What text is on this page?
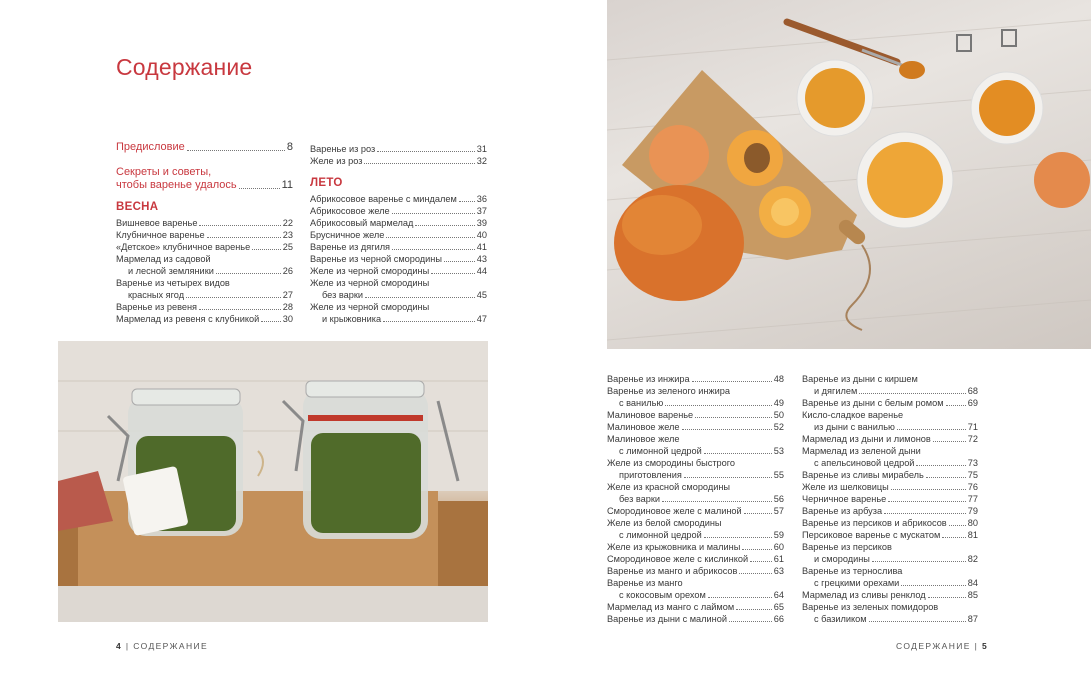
Содержание
Предисловие	8
Секреты и советы,
чтобы варенье удалось	11
ВЕСНА
Вишневое варенье	22
Клубничное варенье	23
«Детское» клубничное варенье	25
Мармелад из садовой
и лесной земляники	26
Варенье из четырех видов
красных ягод	27
Варенье из ревеня	28
Мармелад из ревеня с клубникой	30
Варенье из роз	31
Желе из роз	32
ЛЕТО
Абрикосовое варенье с миндалем 36
Абрикосовое желе	37
Абрикосовый мармелад	39
Брусничное желе	40
Варенье из дягиля	41
Варенье из черной смородины	43
Желе из черной смородины	44
Желе из черной смородины
без варки	45
Желе из черной смородины
и крыжовника	47
Варенье из инжира	48
Варенье из зеленого инжира
с ванилью	49
Малиновое варенье	50
Малиновое желе	52
Малиновое желе
с лимонной цедрой	53
Желе из смородины быстрого
приготовления	55
Желе из красной смородины
без варки	56
Смородиновое желе с малиной	57
Желе из белой смородины
с лимонной цедрой	59
Желе из крыжовника и малины	60
Смородиновое желе с кислинкой	61
Варенье из манго и абрикосов	63
Варенье из манго
с кокосовым орехом	64
Мармелад из манго с лаймом	65
Варенье из дыни с малиной	66
Варенье из дыни с киршем
и дягилем	68
Варенье из дыни с белым ромом	69
Кисло-сладкое варенье
из дыни с ванилью	71
Мармелад из дыни и лимонов	72
Мармелад из зеленой дыни
с апельсиновой цедрой	73
Варенье из сливы мирабель	75
Желе из шелковицы	76
Черничное варенье	77
Варенье из арбуза	79
Варенье из персиков и абрикосов 80
Персиковое варенье с мускатом	81
Варенье из персиков
и смородины	82
Варенье из тернослива
с грецкими орехами	84
Мармелад из сливы ренклод	85
Варенье из зеленых помидоров
с базиликом	87
4 | СОДЕРЖАНИЕ	СОДЕРЖАНИЕ | 5
